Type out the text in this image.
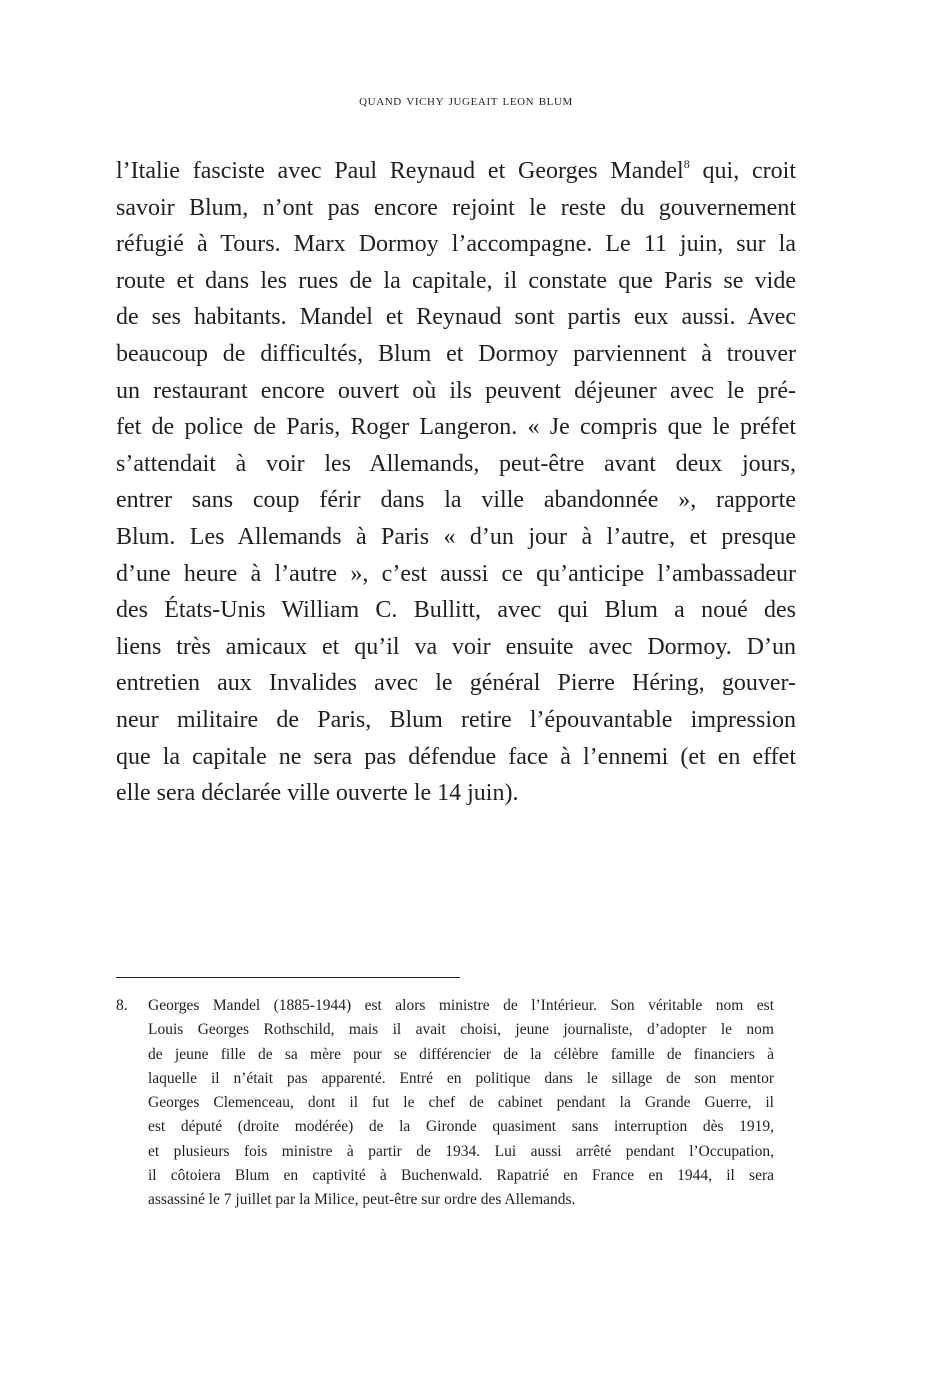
quand vichy jugeait leon blum
l’Italie fasciste avec Paul Reynaud et Georges Mandel$^8$ qui, croit
savoir Blum, n’ont pas encore rejoint le reste du gouvernement
réfugié à Tours. Marx Dormoy l’accompagne. Le 11 juin, sur la
route et dans les rues de la capitale, il constate que Paris se vide
de ses habitants. Mandel et Reynaud sont partis eux aussi. Avec
beaucoup de difficultés, Blum et Dormoy parviennent à trouver
un restaurant encore ouvert où ils peuvent déjeuner avec le pré-
fet de police de Paris, Roger Langeron. « Je compris que le préfet
s’attendait à voir les Allemands, peut-être avant deux jours,
entrer sans coup férir dans la ville abandonnée », rapporte
Blum. Les Allemands à Paris « d’un jour à l’autre, et presque
d’une heure à l’autre », c’est aussi ce qu’anticipe l’ambassadeur
des États-Unis William C. Bullitt, avec qui Blum a noué des
liens très amicaux et qu’il va voir ensuite avec Dormoy. D’un
entretien aux Invalides avec le général Pierre Héring, gouver-
neur militaire de Paris, Blum retire l’épouvantable impression
que la capitale ne sera pas défendue face à l’ennemi (et en effet
elle sera déclarée ville ouverte le 14 juin).
8. Georges Mandel (1885-1944) est alors ministre de l’Intérieur. Son véritable nom est
Louis Georges Rothschild, mais il avait choisi, jeune journaliste, d’adopter le nom
de jeune fille de sa mère pour se différencier de la célèbre famille de financiers à
laquelle il n’était pas apparenté. Entré en politique dans le sillage de son mentor
Georges Clemenceau, dont il fut le chef de cabinet pendant la Grande Guerre, il
est député (droite modérée) de la Gironde quasiment sans interruption dès 1919,
et plusieurs fois ministre à partir de 1934. Lui aussi arrêté pendant l’Occupation,
il côtoiera Blum en captivité à Buchenwald. Rapatrié en France en 1944, il sera
assassiné le 7 juillet par la Milice, peut-être sur ordre des Allemands.
